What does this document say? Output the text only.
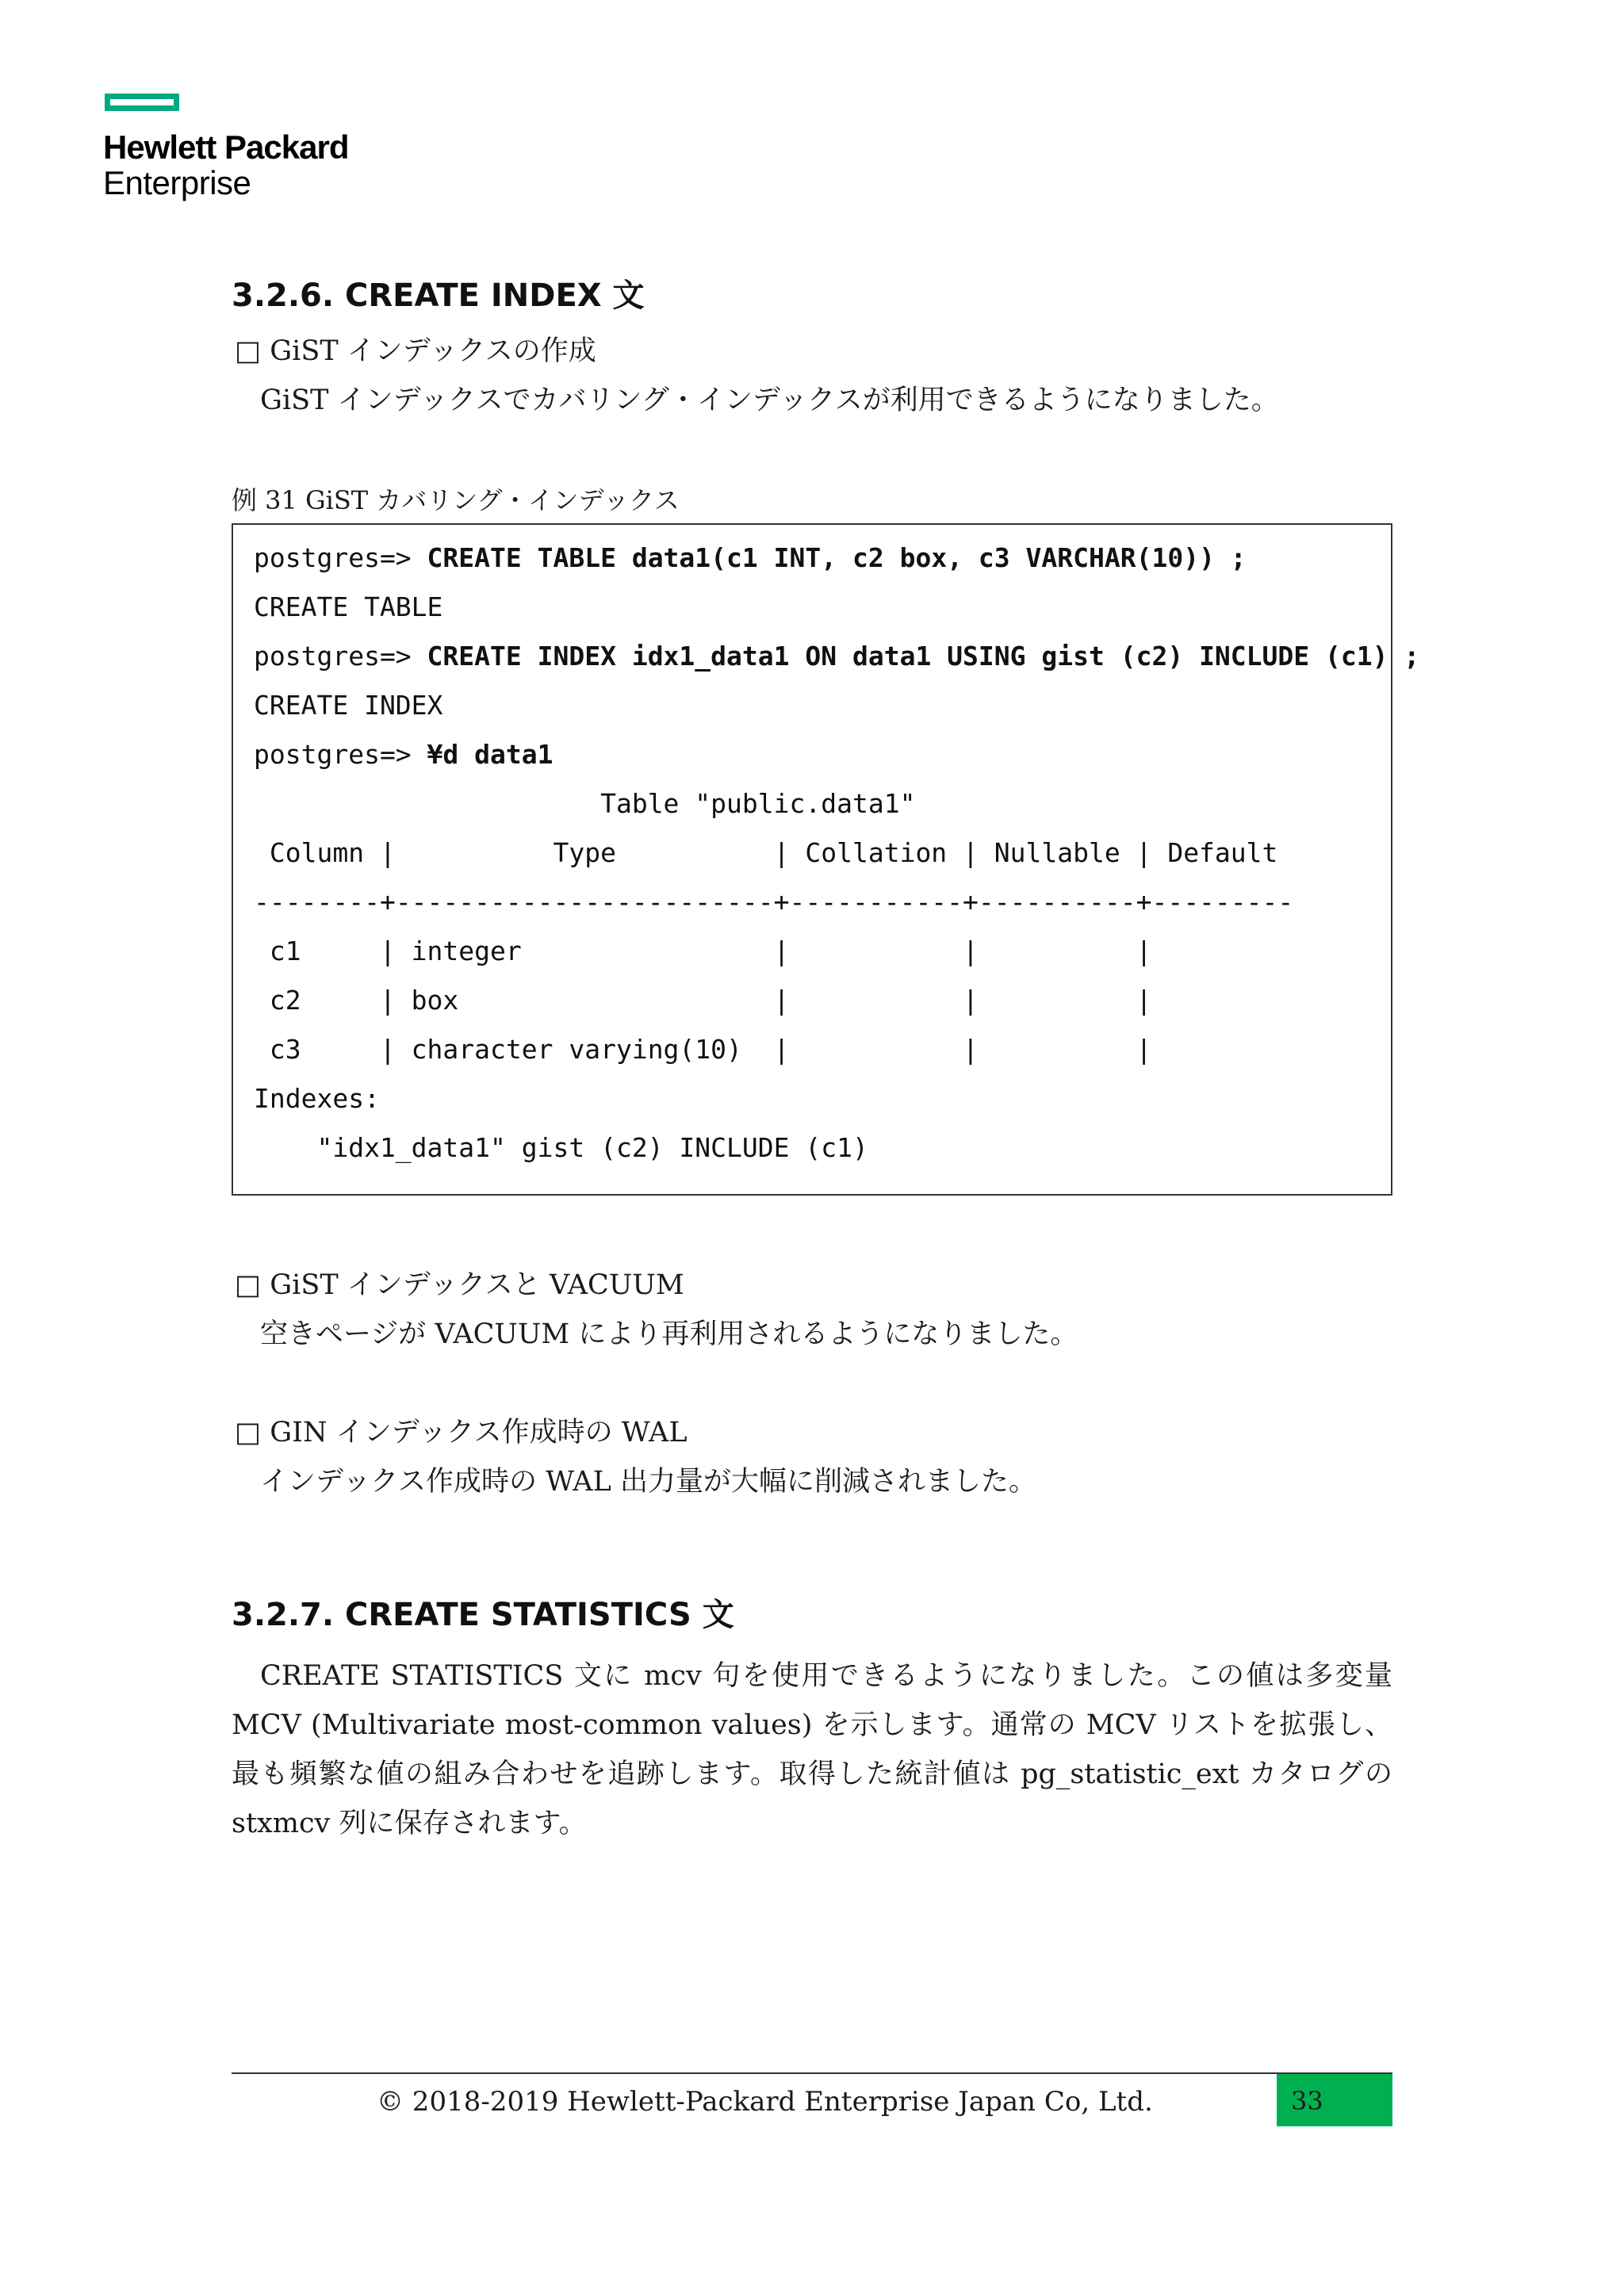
Hewlett Packard
Enterprise
3.2.6. CREATE INDEX 文
□ GiST インデックスの作成
GiST インデックスでカバリング・インデックスが利用できるようになりました。
例 31 GiST カバリング・インデックス
postgres=> CREATE TABLE data1(c1 INT, c2 box, c3 VARCHAR(10)) ;
CREATE TABLE
postgres=> CREATE INDEX idx1_data1 ON data1 USING gist (c2) INCLUDE (c1) ;
CREATE INDEX
postgres=> ¥d data1
Table "public.data1"
Column |          Type          | Collation | Nullable | Default
--------+------------------------+-----------+----------+---------
c1     | integer                |           |          |
c2     | box                    |           |          |
c3     | character varying(10)  |           |          |
Indexes:
"idx1_data1" gist (c2) INCLUDE (c1)
□ GiST インデックスと VACUUM
空きページが VACUUM により再利用されるようになりました。
□ GIN インデックス作成時の WAL
インデックス作成時の WAL 出力量が大幅に削減されました。
3.2.7. CREATE STATISTICS 文
CREATE STATISTICS 文に mcv 句を使用できるようになりました。この値は多変量 MCV (Multivariate most-common values) を示します。通常の MCV リストを拡張し、最も頻繁な値の組み合わせを追跡します。取得した統計値は pg_statistic_ext カタログの stxmcv 列に保存されます。
© 2018-2019 Hewlett-Packard Enterprise Japan Co, Ltd.	33
